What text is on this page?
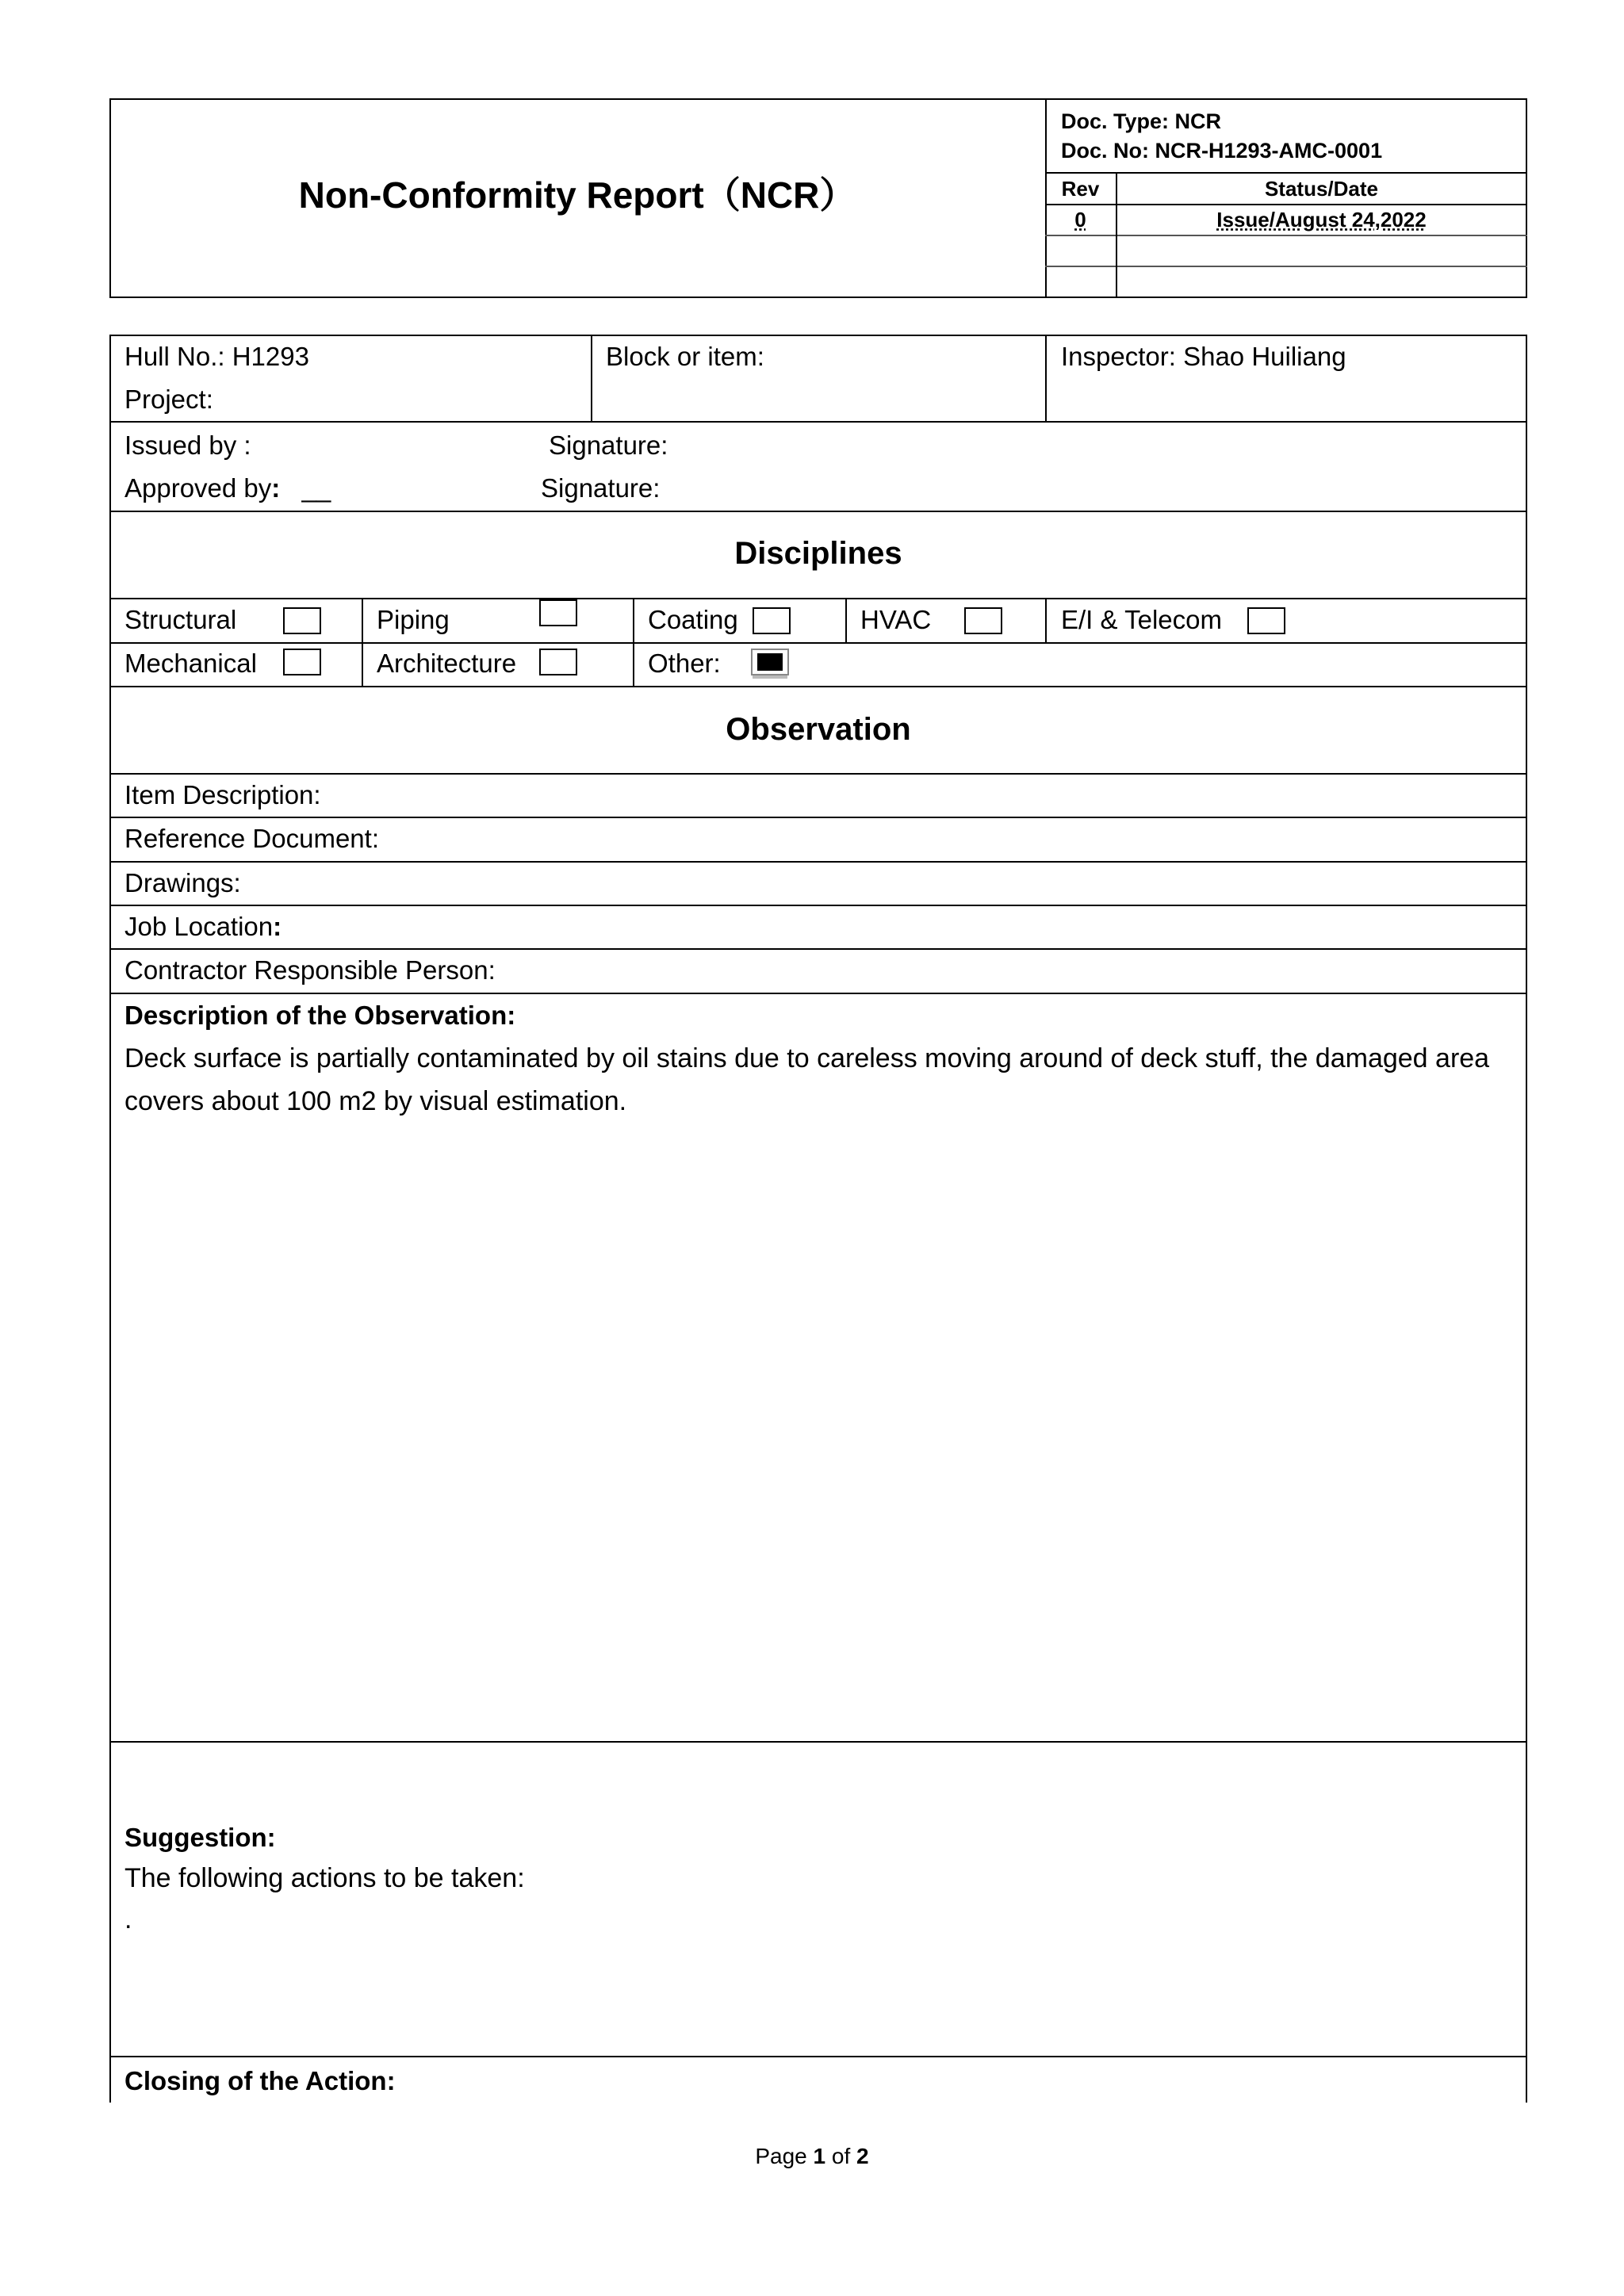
Non-Conformity Report（NCR）
Doc. Type: NCR
Doc. No: NCR-H1293-AMC-0001
Rev	Status/Date
0	Issue/August 24,2022
Hull No.: H1293
Project:
Block or item:	Inspector: Shao Huiliang
Issued by :	Signature:
Approved by: __	Signature:
Disciplines
Structural	Piping	Coating	HVAC	E/I & Telecom
Mechanical	Architecture	Other:
Observation
Item Description:
Reference Document:
Drawings:
Job Location:
Contractor Responsible Person:
Description of the Observation:
Deck surface is partially contaminated by oil stains due to careless moving around of deck stuff, the damaged area
covers about 100 m2 by visual estimation.
Suggestion:
The following actions to be taken:
.
Closing of the Action:
Page 1 of 2
